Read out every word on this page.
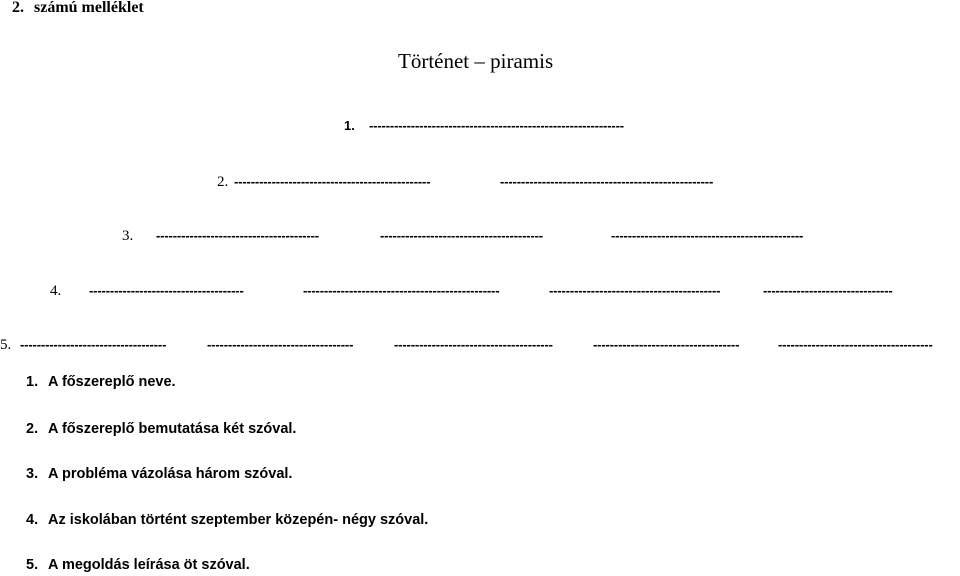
2. számú melléklet
Történet – piramis
1. -------------------------------------------------------------
2. -----------------------------------------------	---------------------------------------------------
3. ---------------------------------------	---------------------------------------	----------------------------------------------
4. -------------------------------------	-----------------------------------------------	-----------------------------------------	-------------------------------
5. -----------------------------------	-----------------------------------	--------------------------------------	-----------------------------------	-------------------------------------
1. A főszereplő neve.
2. A főszereplő bemutatása két szóval.
3. A probléma vázolása három szóval.
4. Az iskolában történt szeptember közepén- négy szóval.
5. A megoldás leírása öt szóval.
